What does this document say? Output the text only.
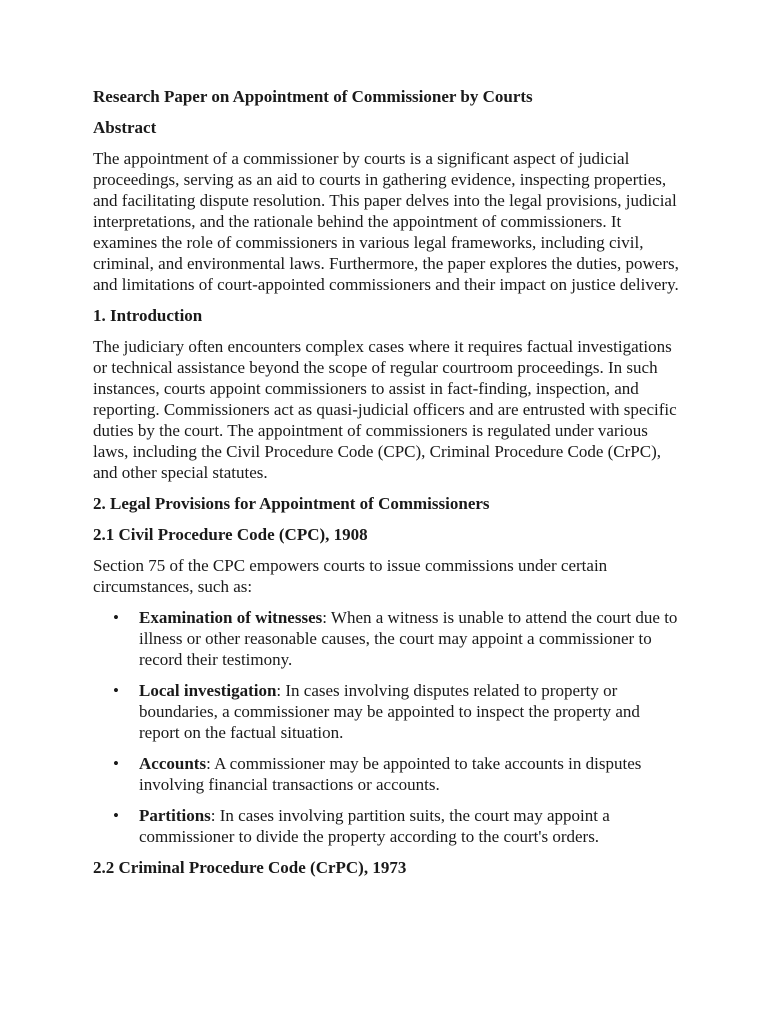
Research Paper on Appointment of Commissioner by Courts

Abstract

The appointment of a commissioner by courts is a significant aspect of judicial proceedings, serving as an aid to courts in gathering evidence, inspecting properties, and facilitating dispute resolution. This paper delves into the legal provisions, judicial interpretations, and the rationale behind the appointment of commissioners. It examines the role of commissioners in various legal frameworks, including civil, criminal, and environmental laws. Furthermore, the paper explores the duties, powers, and limitations of court-appointed commissioners and their impact on justice delivery.

1. Introduction

The judiciary often encounters complex cases where it requires factual investigations or technical assistance beyond the scope of regular courtroom proceedings. In such instances, courts appoint commissioners to assist in fact-finding, inspection, and reporting. Commissioners act as quasi-judicial officers and are entrusted with specific duties by the court. The appointment of commissioners is regulated under various laws, including the Civil Procedure Code (CPC), Criminal Procedure Code (CrPC), and other special statutes.

2. Legal Provisions for Appointment of Commissioners

2.1 Civil Procedure Code (CPC), 1908

Section 75 of the CPC empowers courts to issue commissions under certain circumstances, such as:

• Examination of witnesses: When a witness is unable to attend the court due to illness or other reasonable causes, the court may appoint a commissioner to record their testimony.
• Local investigation: In cases involving disputes related to property or boundaries, a commissioner may be appointed to inspect the property and report on the factual situation.
• Accounts: A commissioner may be appointed to take accounts in disputes involving financial transactions or accounts.
• Partitions: In cases involving partition suits, the court may appoint a commissioner to divide the property according to the court's orders.

2.2 Criminal Procedure Code (CrPC), 1973
